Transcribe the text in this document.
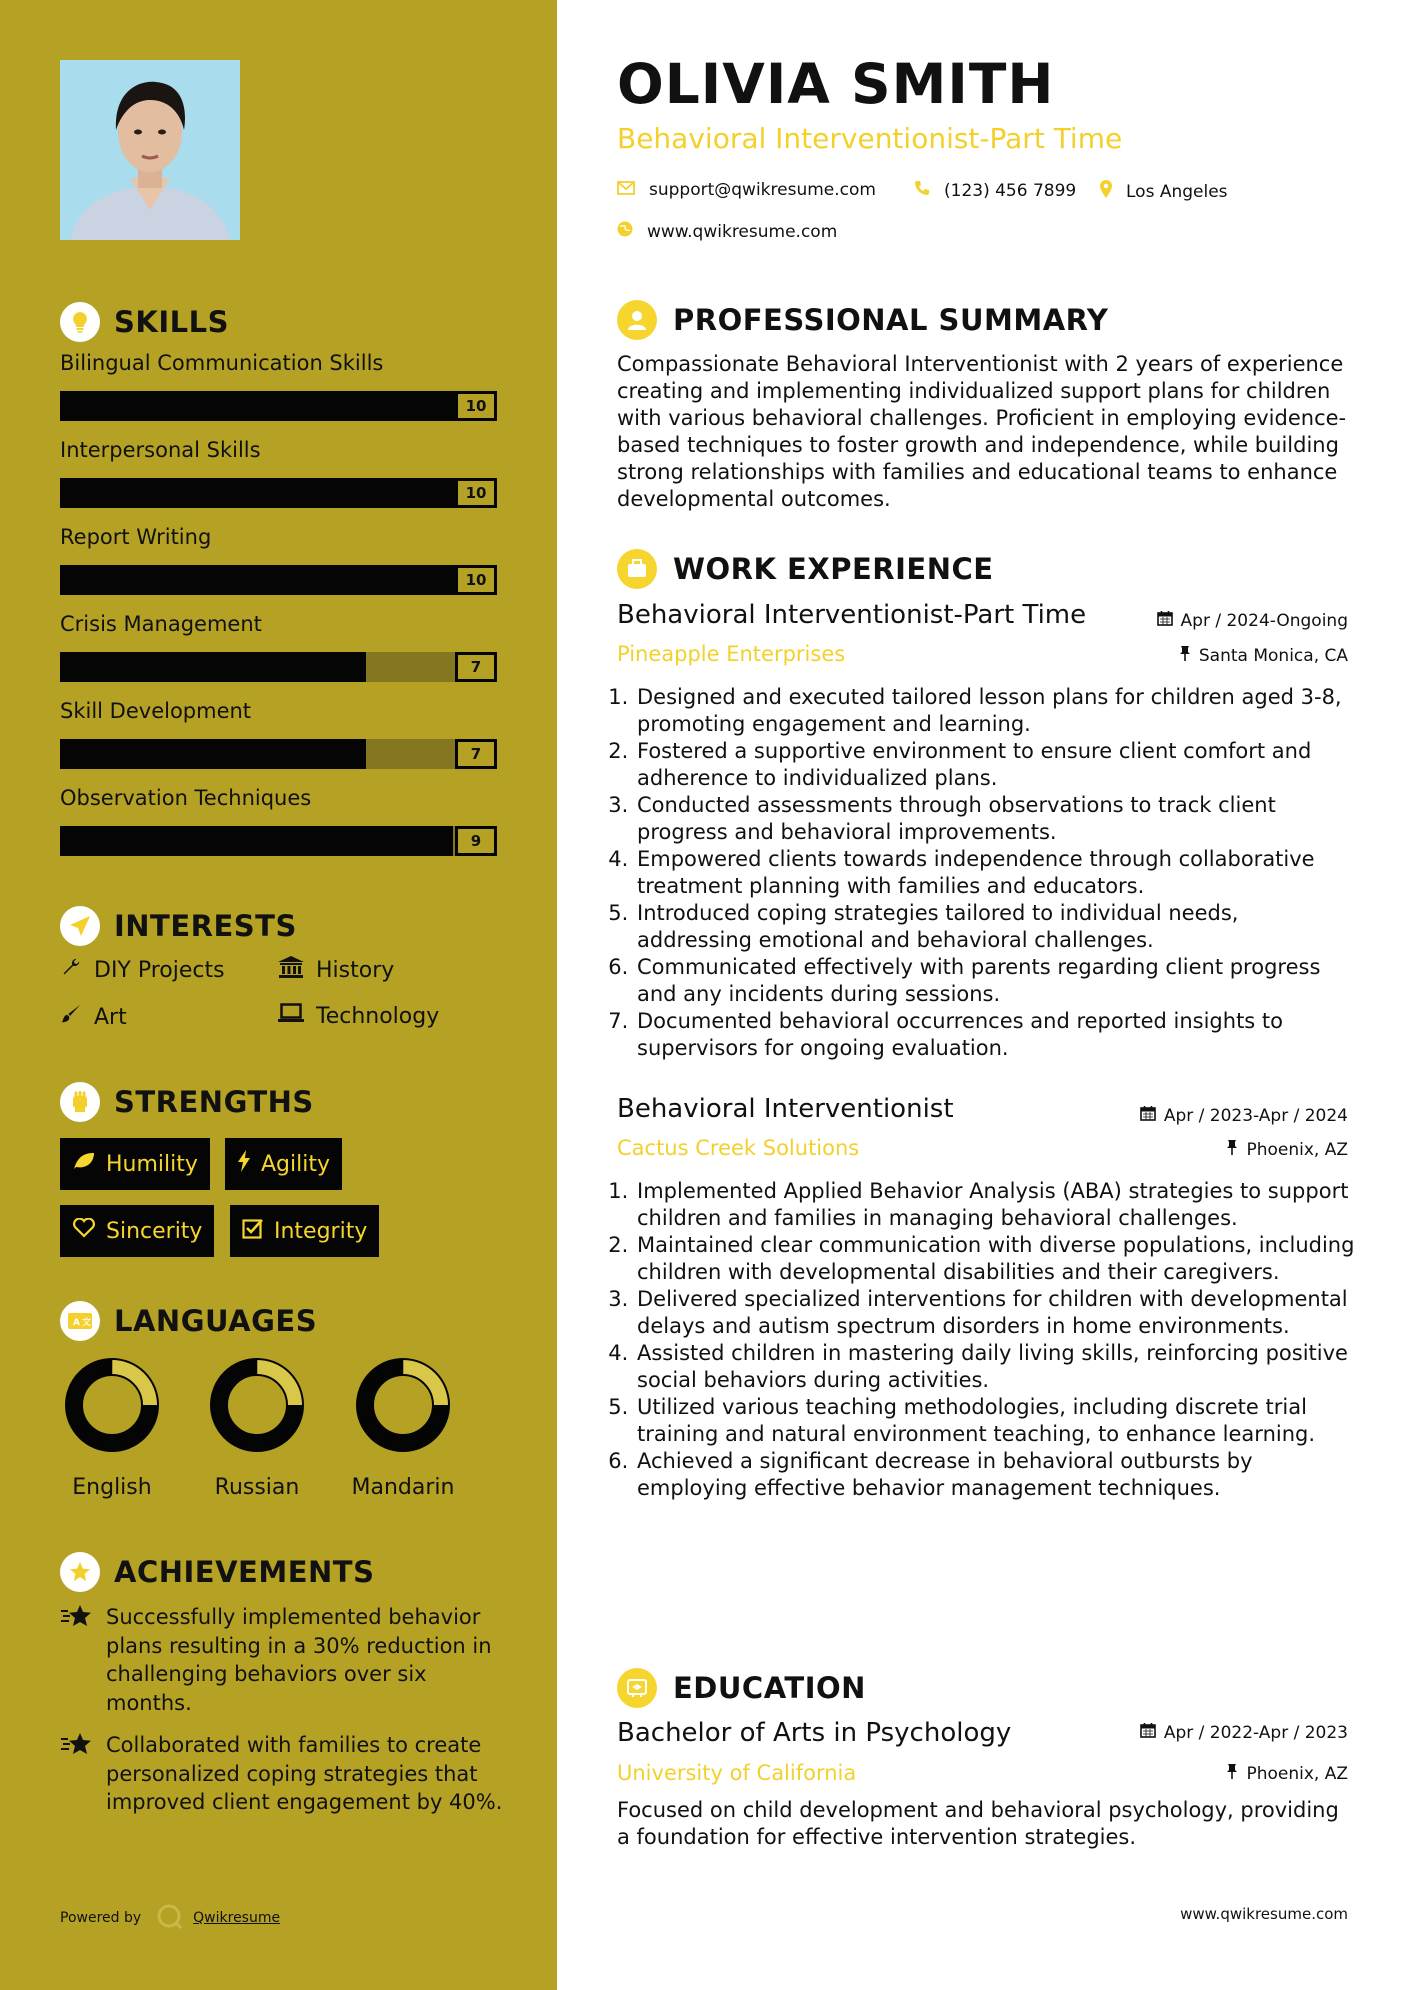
SKILLS
Bilingual Communication Skills
10
Interpersonal Skills
10
Report Writing
10
Crisis Management
7
Skill Development
7
Observation Techniques
9
INTERESTS
DIY Projects	History
Art	Technology
STRENGTHS
Humility	Agility
Sincerity	Integrity
A 文 LANGUAGES
English	Russian	Mandarin
ACHIEVEMENTS
Successfully implemented behavior plans resulting in a 30% reduction in challenging behaviors over six months.
Collaborated with families to create personalized coping strategies that improved client engagement by 40%.
Powered by	Qwikresume
OLIVIA SMITH
Behavioral Interventionist-Part Time
support@qwikresume.com	(123) 456 7899	Los Angeles
www.qwikresume.com
PROFESSIONAL SUMMARY
Compassionate Behavioral Interventionist with 2 years of experience creating and implementing individualized support plans for children with various behavioral challenges. Proficient in employing evidence-based techniques to foster growth and independence, while building strong relationships with families and educational teams to enhance developmental outcomes.
WORK EXPERIENCE
Behavioral Interventionist-Part Time	Apr / 2024-Ongoing
Pineapple Enterprises	Santa Monica, CA
1. Designed and executed tailored lesson plans for children aged 3-8, promoting engagement and learning.
2. Fostered a supportive environment to ensure client comfort and adherence to individualized plans.
3. Conducted assessments through observations to track client progress and behavioral improvements.
4. Empowered clients towards independence through collaborative treatment planning with families and educators.
5. Introduced coping strategies tailored to individual needs, addressing emotional and behavioral challenges.
6. Communicated effectively with parents regarding client progress and any incidents during sessions.
7. Documented behavioral occurrences and reported insights to supervisors for ongoing evaluation.
Behavioral Interventionist	Apr / 2023-Apr / 2024
Cactus Creek Solutions	Phoenix, AZ
1. Implemented Applied Behavior Analysis (ABA) strategies to support children and families in managing behavioral challenges.
2. Maintained clear communication with diverse populations, including children with developmental disabilities and their caregivers.
3. Delivered specialized interventions for children with developmental delays and autism spectrum disorders in home environments.
4. Assisted children in mastering daily living skills, reinforcing positive social behaviors during activities.
5. Utilized various teaching methodologies, including discrete trial training and natural environment teaching, to enhance learning.
6. Achieved a significant decrease in behavioral outbursts by employing effective behavior management techniques.
EDUCATION
Bachelor of Arts in Psychology	Apr / 2022-Apr / 2023
University of California	Phoenix, AZ
Focused on child development and behavioral psychology, providing a foundation for effective intervention strategies.
www.qwikresume.com
